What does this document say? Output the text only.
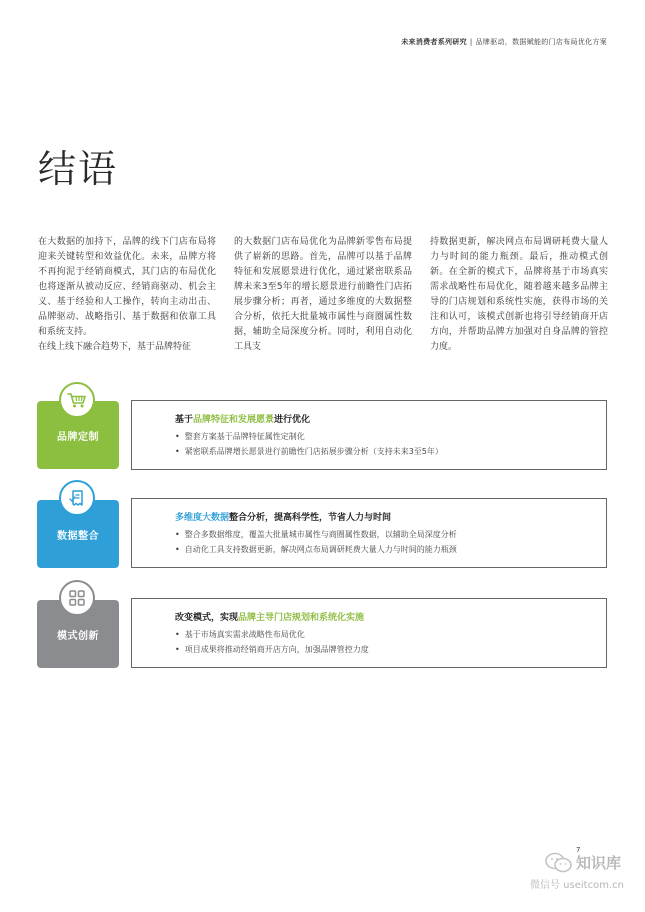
未来消费者系列研究 | 品牌驱动，数据赋能的门店布局优化方案
结语

在大数据的加持下，品牌的线下门店布局将迎来关键转型和效益优化。未来，品牌方将不再拘泥于经销商模式，其门店的布局优化也将逐渐从被动反应、经销商驱动、机会主义、基于经验和人工操作，转向主动出击、品牌驱动、战略指引、基于数据和依靠工具和系统支持。

在线上线下融合趋势下，基于品牌特征

的大数据门店布局优化为品牌新零售布局提供了崭新的思路。首先，品牌可以基于品牌特征和发展愿景进行优化，通过紧密联系品牌未来3至5年的增长愿景进行前瞻性门店拓展步骤分析；再者，通过多维度的大数据整合分析，依托大批量城市属性与商圈属性数据，辅助全局深度分析。同时，利用自动化工具支

持数据更新，解决网点布局调研耗费大量人力与时间的能力瓶颈。最后，推动模式创新。在全新的模式下，品牌将基于市场真实需求战略性布局优化，随着越来越多品牌主导的门店规划和系统性实施，获得市场的关注和认可，该模式创新也将引导经销商开店方向，并帮助品牌方加强对自身品牌的管控力度。

品牌定制
基于品牌特征和发展愿景进行优化
• 整套方案基于品牌特征属性定制化
• 紧密联系品牌增长愿景进行前瞻性门店拓展步骤分析（支持未来3至5年）
数据整合
多维度大数据整合分析，提高科学性，节省人力与时间
• 整合多数据维度，覆盖大批量城市属性与商圈属性数据，以辅助全局深度分析
• 自动化工具支持数据更新，解决网点布局调研耗费大量人力与时间的能力瓶颈
模式创新
改变模式，实现品牌主导门店规划和系统化实施
• 基于市场真实需求战略性布局优化
• 项目成果将推动经销商开店方向，加强品牌管控力度
7
知识库
微信号 useitcom.cn
